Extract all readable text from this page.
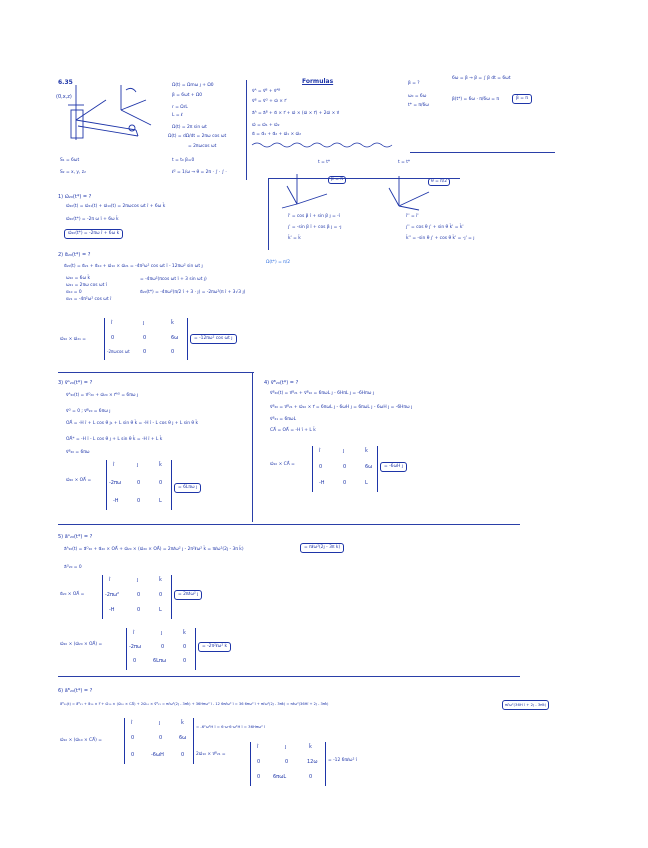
6.35
(0,x,z)
Ω(t) = Ωmω ȷ + Ω0
β = 6ωt + Ω0
r = ΩrL
L = ℓ
Ω(t) = 2π sin ωt
Ω(t) = dΩ/dt = 2πω cos ωt
= 2πωcos ωt
t = t₀ β=0
ℓ² = 1/ω → θ = 2π · ∫ · ∫ ·
S₁ = 6ωt
S₂ = x, y, z₂
Formulas
v⃗ᴬ = v⃗ᴮ + v⃗ᴬᴮ
v⃗ᴮ = v⃗ᴼ + ω⃗ × r⃗
a⃗ᴬ = a⃗ᴮ + α⃗ × r⃗ + ω⃗ × (ω⃗ × r⃗) + 2ω⃗ × v⃗
ω⃗ = ω⃗₁ + ω⃗₂
α⃗ = α⃗₁ + α⃗₂ + ω⃗₁ × ω⃗₂
β = ?
ω₀ = 6ω
t* = π/6ω
6ω = β → β = ∫ β dt = 6ωt
β(t*) = 6ω · π/6ω = π	β = π
t = t*	t = t*
β = π	θ = π/2
î' = cos β î + sin β ȷ = -î
ȷ' = -sin β î + cos β ȷ = -ȷ
k̂' = k̂
î'' = î'
ȷ'' = cos θ ȷ' + sin θ k̂' = k̂'
k̂'' = -sin θ ȷ' + cos θ k̂' = -ȷ' = ȷ
Ω(t*) = π/2
1) ω⃗₂₀(t*) = ?
ω⃗₂₀(t) = ω⃗₂₁(t) + ω⃗₁₀(t) = 2πωcos ωt î + 6ω k̂
ω⃗₂₀(t*) = -2π ω î + 6ω k̂
ω⃗₂₀(t*) = -2πω î + 6ω k̂
2) α⃗₂₀(t*) = ?
α⃗₂₀(t) = α⃗₂₁ + α⃗₁₀ + ω⃗₁₀ × ω⃗₂₁ = -4π²ω² cos ωt î - 12πω² sin ωt ȷ
= -4πω²(πcos ωt î + 3 sin ωt ȷ)
α⃗₂₀(t*) = -4πω²(π/2 î + 3 · ȷ) = -2πω²(π î + 3√3 ȷ)
ω₁₀ = 6ω k̂
ω₂₁ = 2πω cos ωt î
α₁₀ = 0
α₂₁ = -4π²ω² cos ωt î
ω⃗₁₀ × ω⃗₂₁ =
î	ȷ	k̂
0	0	6ω
-2πωcos ωt	0	0
= -12πω² cos ωt ȷ
3) v⃗ᴬ₂₀(t*) = ?
v⃗ᴬ₂₀(t) = v⃗ᴼ₂₀ + ω⃗₂₀ × r⃗ᴬᴼ = 6πω ȷ
v⃗ᴼ = 0 ; v⃗ᴮ₂₀ = 6πω ȷ
OA⃗ = -H î + L cos θ ȷ₁ + L sin θ k̂ = -H î - L cos θ ȷ + L sin θ k̂
OA⃗* = -H î - L cos θ ȷ + L sin θ k̂ = -H î + L k̂
v⃗ᴮ₂₀ = 6πω
ω⃗₂₀ × OA⃗ =
î	ȷ	k̂
-2πω	0	0
-H	0	L
= 6Lπω ȷ
4) v⃗ᴮ₂₀(t*) = ?
v⃗ᴮ₂₀(t) = v⃗ᴮ₂₁ + v⃗ᴮ₁₀ = 6πωL ȷ - 6HπL ȷ = -6Hπω ȷ
v⃗ᴮ₂₀ = v⃗ᴮ₂₁ + ω⃗₁₀ × r⃗ = 6πωL ȷ - 6ωH ȷ = 6πωL ȷ - 6ωH ȷ = -6Hπω ȷ
v⃗ᴮ₂₁ = 6πωL
CA⃗ = OA⃗ = -H î + L k̂
ω⃗₁₀ × CA⃗ =
î	ȷ	k̂
0	0	6ω
-H	0	L
= -6ωH ȷ
5) a⃗ᴬ₂₀(t*) = ?
a⃗ᴬ₂₀(t) = a⃗ᴼ₂₀ + α⃗₂₀ × OA⃗ + ω⃗₂₀ × (ω⃗₂₀ × OA⃗) = 2πℓω² ȷ - 2π²ℓω² k̂ = πℓω²(2ȷ - 3π k̂)	= πℓω²(2ȷ - 3π k̂)
a⃗ᴼ₂₀ = 0
α⃗₂₀ × OA⃗ =
î	ȷ	k̂
-2πω²	0	0
-H	0	L
= 2πℓω² ȷ
ω⃗₂₀ × (ω⃗₂₀ × OA⃗) =
î	ȷ	k̂
-2πω	0	0
0	6Lπω	0
= -2π²ℓω² k̂
6) a⃗ᴮ₂₀(t*) = ?
a⃗ᴮ₂₀(t) = a⃗ᴮ₂₁ + α⃗₁₀ × r⃗ + ω⃗₁₀ × (ω⃗₁₀ × CA⃗) + 2ω⃗₁₀ × v⃗ᴮ₂₁ = πℓω²(2ȷ - 3πk̂) + 36Hπω² î - 12 6πℓω² î = 36 6πω² î + πℓω²(2ȷ - 3πk̂) = πℓω²(36Hî + 2ȷ - 3πk̂)	πℓω²(36H î + 2ȷ - 3πk̂)
ω⃗₁₀ × (ω⃗₁₀ × CA⃗) =
î	ȷ	k̂
0	0	6ω
0	-6ωH	0
= -6²ω²H î = 6·ω·6·ω²H î = 36Hπω² î
2ω⃗₁₀ × v⃗ᴮ₂₁ =
î	ȷ	k̂
0	0	12ω
0	6πωL	0
= -12 6πℓω² î
